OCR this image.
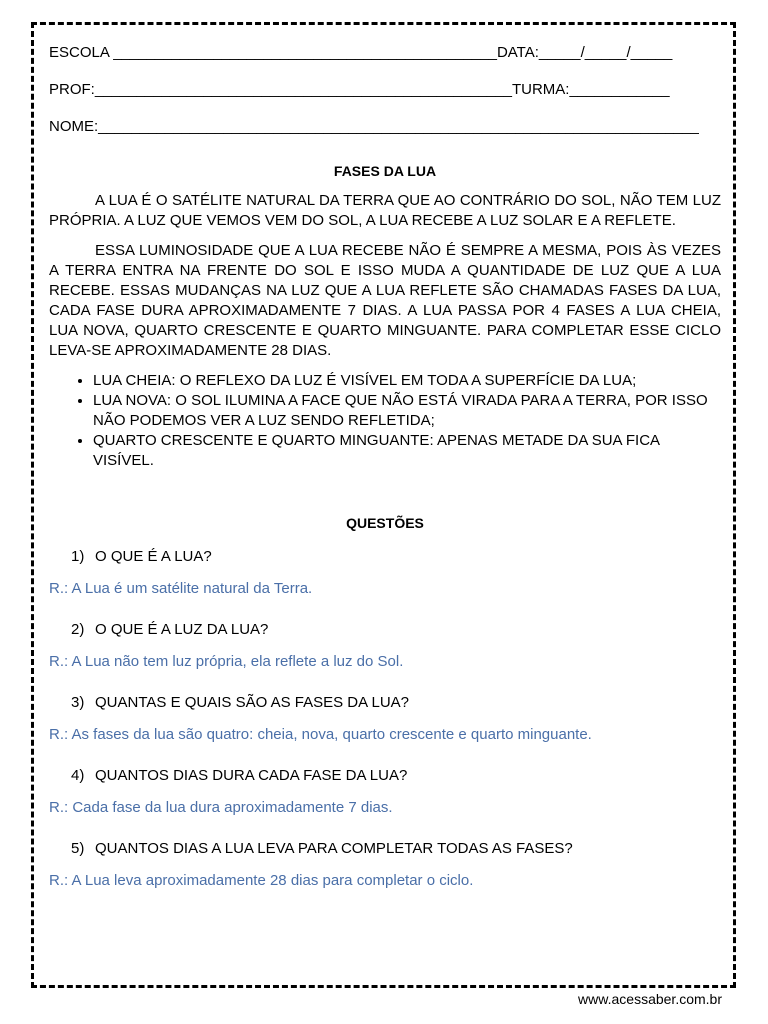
ESCOLA ______________________________________________DATA:_____/_____/_____
PROF:__________________________________________________TURMA:____________
NOME:________________________________________________________________________
FASES DA LUA

A LUA É O SATÉLITE NATURAL DA TERRA QUE AO CONTRÁRIO DO SOL, NÃO TEM LUZ PRÓPRIA. A LUZ QUE VEMOS VEM DO SOL, A LUA RECEBE A LUZ SOLAR E A REFLETE.

ESSA LUMINOSIDADE QUE A LUA RECEBE NÃO É SEMPRE A MESMA, POIS ÀS VEZES A TERRA ENTRA NA FRENTE DO SOL E ISSO MUDA A QUANTIDADE DE LUZ QUE A LUA RECEBE. ESSAS MUDANÇAS NA LUZ QUE A LUA REFLETE SÃO CHAMADAS FASES DA LUA, CADA FASE DURA APROXIMADAMENTE 7 DIAS. A LUA PASSA POR 4 FASES A LUA CHEIA, LUA NOVA, QUARTO CRESCENTE E QUARTO MINGUANTE. PARA COMPLETAR ESSE CICLO LEVA-SE APROXIMADAMENTE 28 DIAS.

• LUA CHEIA: O REFLEXO DA LUZ É VISÍVEL EM TODA A SUPERFÍCIE DA LUA;
• LUA NOVA: O SOL ILUMINA A FACE QUE NÃO ESTÁ VIRADA PARA A TERRA, POR ISSO NÃO PODEMOS VER A LUZ SENDO REFLETIDA;
• QUARTO CRESCENTE E QUARTO MINGUANTE: APENAS METADE DA SUA FICA VISÍVEL.
QUESTÕES
1) O QUE É A LUA?
R.: A Lua é um satélite natural da Terra.
2) O QUE É A LUZ DA LUA?
R.: A Lua não tem luz própria, ela reflete a luz do Sol.
3) QUANTAS E QUAIS SÃO AS FASES DA LUA?
R.: As fases da lua são quatro: cheia, nova, quarto crescente e quarto minguante.
4) QUANTOS DIAS DURA CADA FASE DA LUA?
R.: Cada fase da lua dura aproximadamente 7 dias.
5) QUANTOS DIAS A LUA LEVA PARA COMPLETAR TODAS AS FASES?
R.: A Lua leva aproximadamente 28 dias para completar o ciclo.
www.acessaber.com.br
